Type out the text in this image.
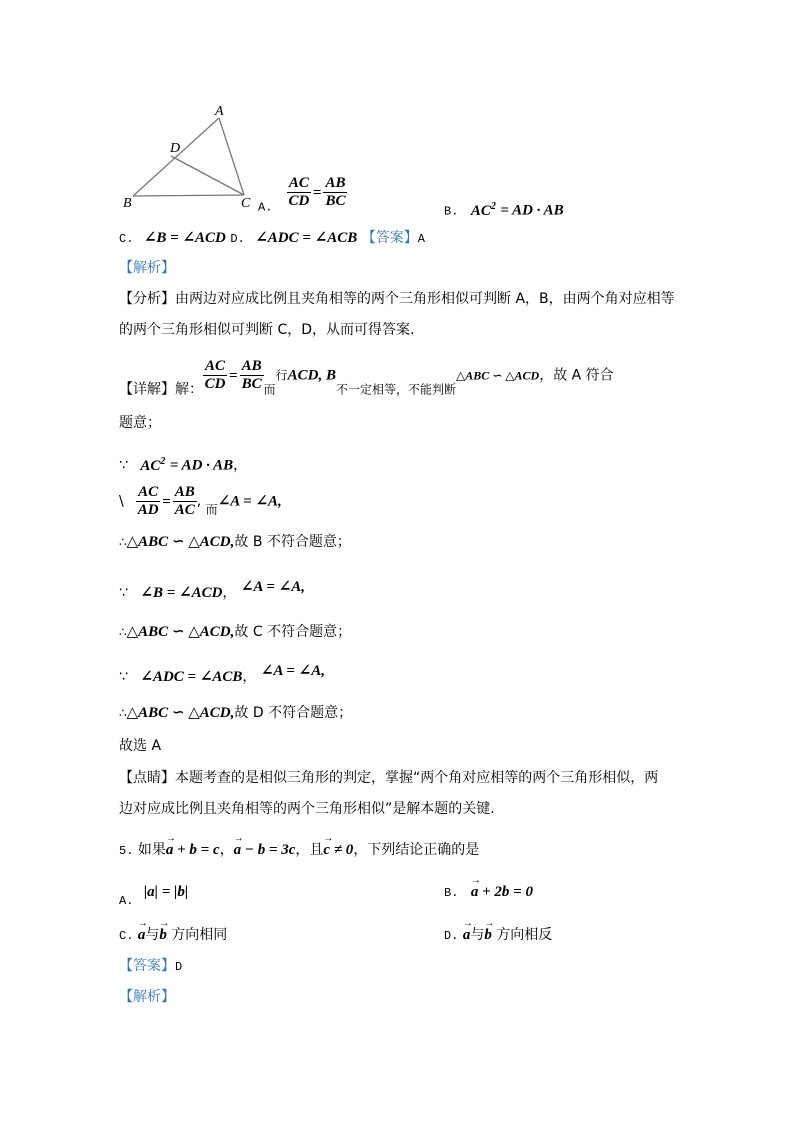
A
B	C
D
A. $\frac{AC}{CD} = \frac{AB}{BC}$
B. $AC^2$ = AD · AB
C. ∠B = ∠ACD D. ∠ADC = ∠ACB 【答案】A
【解析】
【分析】由两边对应成比例且夹角相等的两个三角形相似可判断 A，B，由两个角对应相等
的两个三角形相似可判断 C，D，从而可得答案.
【详解】解： $\frac{AC}{CD} = \frac{AB}{BC}$ 而行ACD, B不一定相等，不能判断△ABC ∽ △ACD，故 A 符合
题意；
∵ $AC^2$ = AD · AB，
\ $\frac{AC}{AD} = \frac{AB}{AC}$ , 而∠A = ∠A,
∴△ABC ∽ △ACD,故 B 不符合题意；
∵ ∠B = ∠ACD， ∠A = ∠A,
∴△ABC ∽ △ACD,故 C 不符合题意；
∵ ∠ADC = ∠ACB， ∠A = ∠A,
∴△ABC ∽ △ACD,故 D 不符合题意；
故选 A
【点睛】本题考查的是相似三角形的判定，掌握“两个角对应相等的两个三角形相似，两
边对应成比例且夹角相等的两个三角形相似”是解本题的关键.
5. 如果→ a + b = c，→ a − b = 3c，且→ c ≠ 0，下列结论正确的是
A. |a| = |b|	B. → a + 2b = 0
C. → a与→ b 方向相同	D. → a与→ b 方向相反
【答案】D
【解析】
